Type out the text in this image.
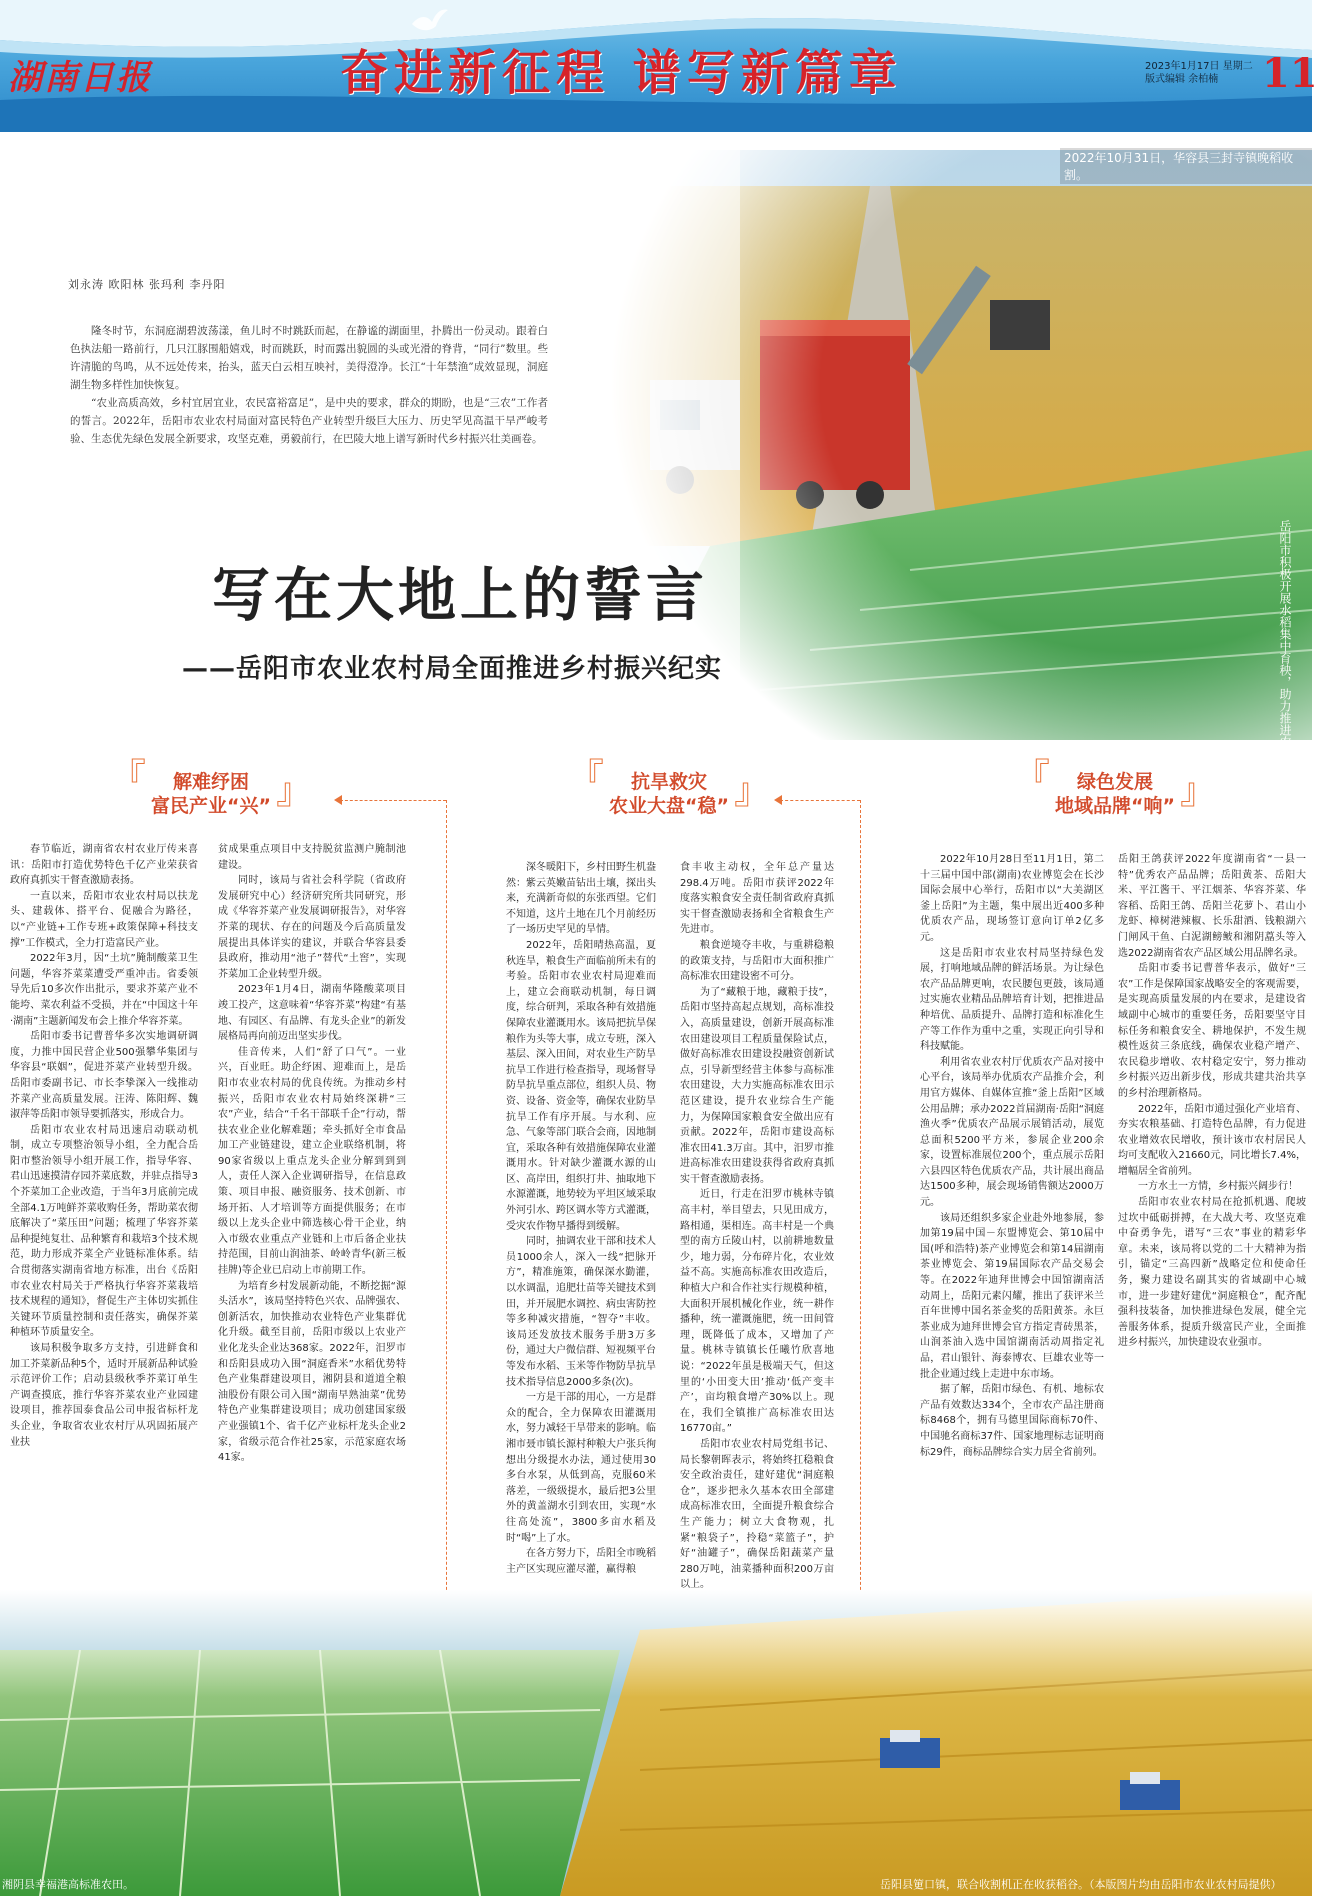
湖南日报	奋进新征程 谱写新篇章	2023年1月17日 星期二
版式编辑 余柏楠 11
2022年10月31日，华容县三封寺镇晚稻收割。
岳阳市积极开展水稻集中育秧，助力推进农业产业化、机械化。
刘永涛 欧阳林 张玛利 李丹阳

隆冬时节，东洞庭湖碧波荡漾，鱼儿时不时跳跃而起，在静谧的湖面里，扑腾出一份灵动。跟着白色执法船一路前行，几只江豚围船嬉戏，时而跳跃，时而露出貌圆的头或光滑的脊背，“同行”数里。些许清脆的鸟鸣，从不远处传来，抬头，蓝天白云相互映衬，美得澄净。长江“十年禁渔”成效显现，洞庭湖生物多样性加快恢复。

“农业高质高效，乡村宜居宜业，农民富裕富足”，是中央的要求，群众的期盼，也是“三农”工作者的誓言。2022年，岳阳市农业农村局面对富民特色产业转型升级巨大压力、历史罕见高温干旱严峻考验、生态优先绿色发展全新要求，攻坚克难，勇毅前行，在巴陵大地上谱写新时代乡村振兴壮美画卷。

写在大地上的誓言
——岳阳市农业农村局全面推进乡村振兴纪实
『	解难纾困
富民产业“兴” 』	『	抗旱救灾
农业大盘“稳” 』	『	绿色发展
地域品牌“响” 』

春节临近，湖南省农村农业厅传来喜讯：岳阳市打造优势特色千亿产业荣获省政府真抓实干督查激励表扬。

一直以来，岳阳市农业农村局以扶龙头、建载体、搭平台、促融合为路径，以“产业链+工作专班+政策保障+科技支撑”工作模式，全力打造富民产业。

2022年3月，因“土坑”腌制酸菜卫生问题，华容芥菜菜遭受严重冲击。省委领导先后10多次作出批示，要求芥菜产业不能垮、菜农利益不受损，并在“中国这十年·湖南”主题新闻发布会上推介华容芥菜。

岳阳市委书记曹普华多次实地调研调度，力推中国民营企业500强攀华集团与华容县“联姻”，促进芥菜产业转型升级。岳阳市委副书记、市长李挚深入一线推动芥菜产业高质量发展。汪涛、陈阳辉、魏淑萍等岳阳市领导要抓落实，形成合力。

岳阳市农业农村局迅速启动联动机制，成立专项整治领导小组，全力配合岳阳市整治领导小组开展工作，指导华容、君山迅速摸清存园芥菜底数，并驻点指导3个芥菜加工企业改造，于当年3月底前完成全部4.1万吨鲜芥菜收购任务，帮助菜农彻底解决了“菜压田”问题；梳理了华容芥菜品种提纯复壮、品种繁育和栽培3个技术规范，助力形成芥菜全产业链标准体系。结合贯彻落实湖南省地方标准，出台《岳阳市农业农村局关于严格执行华容芥菜栽培技术规程的通知》，督促生产主体切实抓住关键环节质量控制和责任落实，确保芥菜种植环节质量安全。

该局积极争取多方支持，引进鲜食和加工芥菜新品种5个，适时开展新品种试验示范评价工作；启动县级秋季芥菜订单生产调查摸底，推行华容芥菜农业产业园建设项目，推荐国泰食品公司申报省标杆龙头企业，争取省农业农村厅从巩固拓展产业扶

贫成果重点项目中支持脱贫监测户腌制池建设。

同时，该局与省社会科学院（省政府发展研究中心）经济研究所共同研究，形成《华容芥菜产业发展调研报告》，对华容芥菜的现状、存在的问题及今后高质量发展提出具体详实的建议，并联合华容县委县政府，推动用“池子”替代“土窖”，实现芥菜加工企业转型升级。

2023年1月4日，湖南华隆酸菜项目竣工投产，这意味着“华容芥菜”构建“有基地、有园区、有品牌、有龙头企业”的新发展格局再向前迈出坚实步伐。

佳音传来，人们“舒了口气”。一业兴，百业旺。助企纾困、迎难而上，是岳阳市农业农村局的优良传统。为推动乡村振兴，岳阳市农业农村局始终深耕“三农”产业，结合“千名干部联千企”行动，帮扶农业企业化解难题；牵头抓好全市食品加工产业链建设，建立企业联络机制，将90家省级以上重点龙头企业分解到到到人，责任人深入企业调研指导，在信息政策、项目申报、融资服务、技术创新、市场开拓、人才培训等方面提供服务；在市级以上龙头企业中筛选核心骨干企业，纳入市级农业重点产业链和上市后备企业扶持范围，目前山润油茶、岭岭青华(新三板挂牌)等企业已启动上市前期工作。

为培育乡村发展新动能，不断挖掘“源头活水”，该局坚持特色兴农、品牌强农、创新活农，加快推动农业特色产业集群优化升级。截至目前，岳阳市级以上农业产业化龙头企业达368家。2022年，汨罗市和岳阳县成功入围“洞庭香米”水稻优势特色产业集群建设项目，湘阴县和道道全粮油股份有限公司入围“湖南早熟油菜”优势特色产业集群建设项目；成功创建国家级产业强镇1个、省千亿产业标杆龙头企业2家，省级示范合作社25家，示范家庭农场41家。

深冬暖阳下，乡村田野生机盎然：紫云英嫩苗钻出土壤，探出头来，充满新奇似的东张西望。它们不知道，这片土地在几个月前经历了一场历史罕见的旱情。

2022年，岳阳晴热高温，夏秋连旱，粮食生产面临前所未有的考验。岳阳市农业农村局迎难而上，建立会商联动机制，每日调度，综合研判，采取各种有效措施保障农业灌溉用水。该局把抗旱保粮作为头等大事，成立专班，深入基层、深入田间，对农业生产防旱抗旱工作进行检查指导，现场督导防旱抗旱重点部位，组织人员、物资、设备、资金等，确保农业防旱抗旱工作有序开展。与水利、应急、气象等部门联合会商，因地制宜，采取各种有效措施保障农业灌溉用水。针对缺少灌溉水源的山区、高岸田，组织打井、抽取地下水源灌溉，地势较为平坦区域采取外河引水、跨区调水等方式灌溉，受灾农作物早播得到缓解。

同时，抽调农业干部和技术人员1000余人，深入一线“把脉开方”，精准施策，确保深水勤灌，以水调温，追肥壮苗等关键技术到田，并开展肥水调控、病虫害防控等多种减灾措施，“智夺”丰收。该局还发放技术服务手册3万多份，通过大户微信群、短视频平台等发布水稻、玉米等作物防旱抗旱技术指导信息2000多条(次)。

一方是干部的用心，一方是群众的配合，全力保障农田灌溉用水，努力减轻干旱带来的影响。临湘市聂市镇长源村种粮大户张兵徇想出分级提水办法，通过使用30多台水泵，从低到高，克服60米落差，一级级提水，最后把3公里外的黄盖湖水引到农田，实现“水往高处流”，3800多亩水稻及时“喝”上了水。

在各方努力下，岳阳全市晚稻主产区实现应灌尽灌，赢得粮

食丰收主动权，全年总产量达298.4万吨。岳阳市获评2022年度落实粮食安全责任制省政府真抓实干督查激励表扬和全省粮食生产先进市。

粮食逆境夺丰收，与重耕稳粮的政策支持，与岳阳市大面积推广高标准农田建设密不可分。

为了“藏粮于地，藏粮于技”，岳阳市坚持高起点规划，高标准投入，高质量建设，创新开展高标准农田建设项目工程质量保险试点，做好高标准农田建设投融资创新试点，引导新型经营主体参与高标准农田建设，大力实施高标准农田示范区建设，提升农业综合生产能力，为保障国家粮食安全做出应有贡献。2022年，岳阳市建设高标准农田41.3万亩。其中，汨罗市推进高标准农田建设获得省政府真抓实干督查激励表扬。

近日，行走在汨罗市桃林寺镇高丰村，举目望去，只见田成方，路相通，渠相连。高丰村是一个典型的南方丘陵山村，以前耕地数量少，地力弱，分布碎片化，农业效益不高。实施高标准农田改造后，种植大户和合作社实行规模种植，大面积开展机械化作业，统一耕作播种，统一灌溉施肥，统一田间管理，既降低了成本，又增加了产量。桃林寺镇镇长任曦竹欣喜地说：“2022年虽是极端天气，但这里的‘小田变大田’推动‘低产变丰产’，亩均粮食增产30%以上。现在，我们全镇推广高标准农田达16770亩。”

岳阳市农业农村局党组书记、局长黎朝晖表示，将始终扛稳粮食安全政治责任，建好建优“洞庭粮仓”，逐步把永久基本农田全部建成高标准农田，全面提升粮食综合生产能力；树立大食物观，扎紧“粮袋子”，拎稳“菜篮子”，护好“油罐子”，确保岳阳蔬菜产量280万吨，油菜播种面积200万亩以上。

2022年10月28日至11月1日，第二十三届中国中部(湖南)农业博览会在长沙国际会展中心举行，岳阳市以“大美湖区 釜上岳阳”为主题，集中展出近400多种优质农产品，现场签订意向订单2亿多元。

这是岳阳市农业农村局坚持绿色发展，打响地域品牌的鲜活场景。为让绿色农产品品牌更响，农民腰包更鼓，该局通过实施农业精品品牌培育计划，把推进品种培优、品质提升、品牌打造和标准化生产等工作作为重中之重，实现正向引导和科技赋能。

利用省农业农村厅优质农产品对接中心平台，该局举办优质农产品推介会，利用官方媒体、自媒体宣推“釜上岳阳”区域公用品牌；承办2022首届湖南·岳阳“洞庭渔火季”优质农产品展示展销活动，展览总面积5200平方米，参展企业200余家，设置标准展位200个，重点展示岳阳六县四区特色优质农产品，共计展出商品达1500多种，展会现场销售额达2000万元。

该局还组织多家企业赴外地参展，参加第19届中国－东盟博览会、第10届中国(呼和浩特)茶产业博览会和第14届湖南茶业博览会、第19届国际农产品交易会等。在2022年迪拜世博会中国馆湖南活动周上，岳阳元素闪耀，推出了获评米兰百年世博中国名茶金奖的岳阳黄茶。永巨茶业成为迪拜世博会官方指定青砖黑茶，山润茶油入选中国馆湖南活动周指定礼品，君山银针、海泰博农、巨雄农业等一批企业通过线上走进中东市场。

据了解，岳阳市绿色、有机、地标农产品有效数达334个，全市农产品注册商标8468个，拥有马德里国际商标70件、中国驰名商标37件、国家地理标志证明商标29件，商标品牌综合实力居全省前列。

岳阳王鸽获评2022年度湖南省“一县一特”优秀农产品品牌；岳阳黄茶、岳阳大米、平江酱干、平江烟茶、华容芥菜、华容稻、岳阳王鸽、岳阳兰花萝卜、君山小龙虾、樟树港辣椒、长乐甜酒、钱粮湖六门闸风干鱼、白泥湖鳑鲏和湘阴藠头等入选2022湖南省农产品区域公用品牌名录。

岳阳市委书记曹普华表示，做好“三农”工作是保障国家战略安全的客观需要，是实现高质量发展的内在要求，是建设省域副中心城市的重要任务，岳阳要坚守目标任务和粮食安全、耕地保护，不发生规模性返贫三条底线，确保农业稳产增产、农民稳步增收、农村稳定安宁，努力推动乡村振兴迈出新步伐，形成共建共治共享的乡村治理新格局。

2022年，岳阳市通过强化产业培育、夯实农粮基础、打造特色品牌，有力促进农业增效农民增收，预计该市农村居民人均可支配收入21660元，同比增长7.4%，增幅居全省前列。

一方水土一方情，乡村振兴阔步行！

岳阳市农业农村局在抢抓机遇、爬坡过坎中砥砺拼搏，在大战大考、攻坚克难中奋勇争先，谱写“三农”事业的精彩华章。未来，该局将以党的二十大精神为指引，锚定“三高四新”战略定位和使命任务，聚力建设名副其实的省域副中心城市，进一步建好建优“洞庭粮仓”，配齐配强科技装备，加快推进绿色发展，健全完善服务体系，提质升级富民产业，全面推进乡村振兴，加快建设农业强市。

湘阴县幸福港高标准农田。	岳阳县筻口镇，联合收割机正在收获稻谷。（本版图片均由岳阳市农业农村局提供）
